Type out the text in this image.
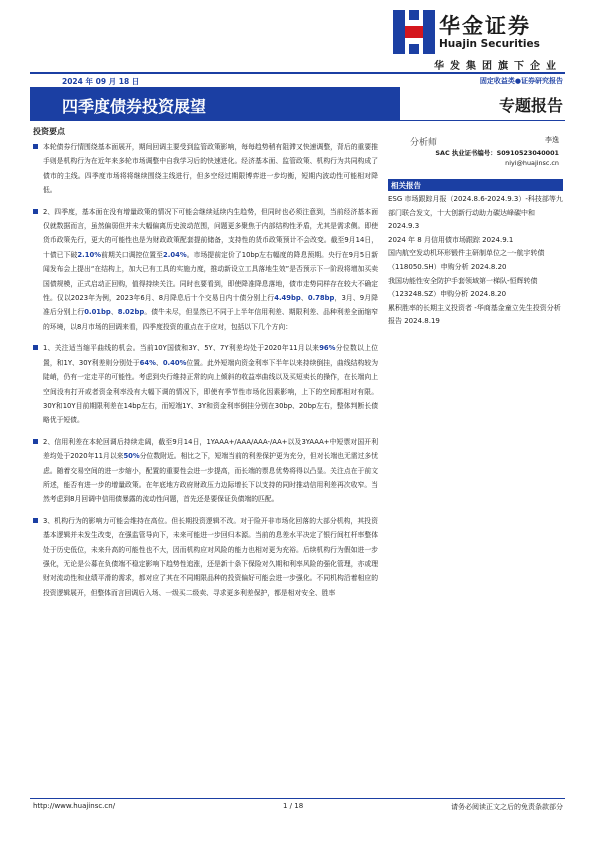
华金证券
Huajin Securities
华发集团旗下企业
2024 年 09 月 18 日	固定收益类●证券研究报告
四季度债券投资展望	专题报告
投资要点
本轮债券行情围绕基本面展开，期间回调主要受到监管政策影响，每每趋势稍有阻滞又快速调整，背后的重要推手则是机构行为在近年来多轮市场调整中自我学习后的快速进化。经济基本面、监管政策、机构行为共同构成了债市的主线。四季度市场将将继续围绕主线进行，但多空经过期限博弈进一步均衡，短期内波动性可能相对降低。
2、四季度，基本面在没有增量政策的情况下可能会继续延续内生趋势，但同时也必须注意到，当前经济基本面仅就数据而言，虽然偏弱但并未大幅偏离历史波动范围，问题更多聚焦于内部结构性矛盾，尤其是需求侧。即使货币政策先行，更大的可能性也是为财政政策配套提前储备，支持性的货币政策预计不会改变。截至9月14日，十债已下破2.10%前期关口调控位置至2.04%。市场提前定价了10bp左右幅度的降息预期。央行在9月5日新闻发布会上提出“在结构上，加大已有工具的实施力度，推动新设立工具落地生效”是否预示下一阶段将增加买卖国债规模，正式启动正回购，值得持续关注。同时也要看到，即使降准降息落地，债市走势同样存在较大不确定性。仅以2023年为例，2023年6月、8月降息后十个交易日内十债分别上行4.49bp、0.78bp，3月、9月降准后分别上行0.01bp、8.02bp。债牛未尽，但显然已不同于上半年信用利差、期限利差、品种利差全面缩窄的环境，以8月市场的回调来看，四季度投资的重点在于应对，包括以下几个方向：
1、关注适当缩平曲线的机会。当前10Y国债和3Y、5Y、7Y利差均处于2020年11月以来96%分位数以上位置，和1Y、30Y利差则分别处于64%、0.40%位置。此外短端向资金利率下半年以来持续倒挂，曲线结构较为陡峭，仍有一定走平的可能性。考虑到央行维持正常的向上倾斜的收益率曲线以及买短卖长的操作，在长端向上空间没有打开或者资金利率没有大幅下调的情况下，即使有季节性市场化因素影响，上下的空间都相对有限。30Y和10Y目前期限利差在14bp左右，而短端1Y、3Y和资金利率倒挂分别在30bp、20bp左右，整体判断长债略优于短债。
2、信用利差在本轮回调后持续走阔，截至9月14日，1YAAA+/AAA/AAA-/AA+以及3YAAA+中短票对国开利差均处于2020年11月以来50%分位数附近。相比之下，短端当前的利差保护更为充分，但对长端也无需过多忧虑。随着交易空间的进一步缩小，配置的重要性会进一步提高，而长端的票息优势将得以凸显。关注点在于前文所述，能否有进一步的增量政策。在年底地方政府财政压力边际增长下以支持的同时推动信用利差再次收窄。当然考虑到8月回调中信用债暴露的流动性问题，首先还是要保证负债端的匹配。
3、机构行为的影响力可能会维持在高位。但长期投资逻辑不改。对于险开非市场化回落的大部分机构，其投资基本逻辑并未发生改变，在强监管导向下，未来可能进一步回归本源。当前的息差水平决定了银行间杠杆率整体处于历史低位，未来升高的可能性也不大，因而机构应对风险的能力也相对更为充裕。后续机构行为假如进一步强化，无论是公募在负债端不稳定影响下趋势性追涨，还是新十条下保险对久期和利率风险的强化管理，亦或理财对流动性和业绩平滑的需求，都对应了其在不同期限品种的投资偏好可能会进一步强化。不同机构沿着相应的投资逻辑展开，但整体而言回调后入场、一级买二级卖、寻求更多利差保护，都是相对安全、胜率
分析师	李逸
SAC 执业证书编号：S0910523040001
niyi@huajinsc.cn
相关报告
ESG 市场跟踪月报（2024.8.6-2024.9.3）-科技部等九部门联合发文，十大创新行动助力碳达峰碳中和 2024.9.3
2024 年 8 月信用债市场跟踪 2024.9.1
国内航空发动机环形锻件主研制单位之一-航宇转债（118050.SH）申购分析 2024.8.20
我国功能性安全防护手套领域第一梯队-恒辉转债（123248.SZ）申购分析 2024.8.20
累积胜率的长期主义投资者 -华商基金童立先生投资分析报告 2024.8.19
http://www.huajinsc.cn/	1 / 18	请务必阅读正文之后的免责条款部分
